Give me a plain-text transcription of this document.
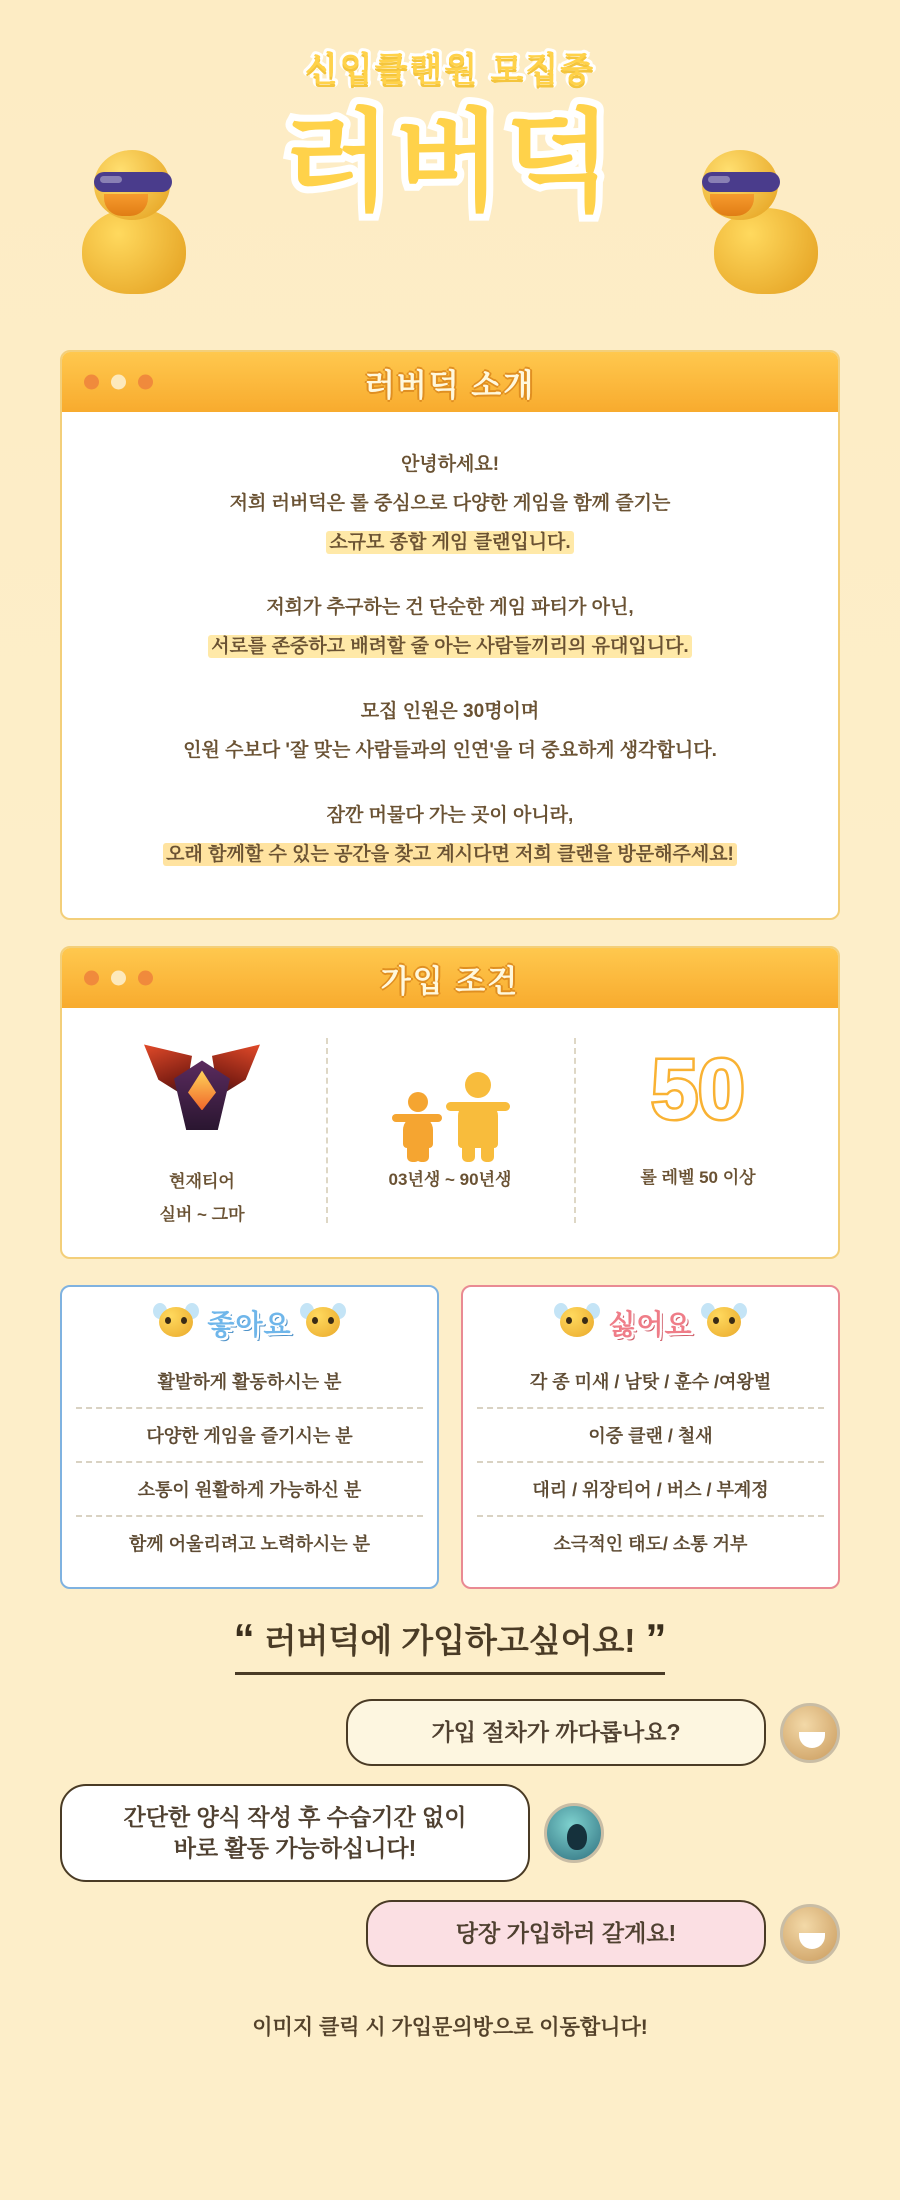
신입클랜원 모집중
러버덕
러버덕 소개

안녕하세요!
저희 러버덕은 롤 중심으로 다양한 게임을 함께 즐기는
소규모 종합 게임 클랜입니다.

저희가 추구하는 건 단순한 게임 파티가 아닌,
서로를 존중하고 배려할 줄 아는 사람들끼리의 유대입니다.

모집 인원은 30명이며
인원 수보다 '잘 맞는 사람들과의 인연'을 더 중요하게 생각합니다.

잠깐 머물다 가는 곳이 아니라,
오래 함께할 수 있는 공간을 찾고 계시다면 저희 클랜을 방문해주세요!

가입 조건
현재티어
실버 ~ 그마
03년생 ~ 90년생
50
롤 레벨 50 이상
좋아요
활발하게 활동하시는 분
다양한 게임을 즐기시는 분
소통이 원활하게 가능하신 분
함께 어울리려고 노력하시는 분
싫어요
각 종 미새 / 남탓 / 훈수 /여왕벌
이중 클랜 / 철새
대리 / 위장티어 / 버스 / 부계정
소극적인 태도/ 소통 거부
“ 러버덕에 가입하고싶어요! ”
가입 절차가 까다롭나요?
간단한 양식 작성 후 수습기간 없이
바로 활동 가능하십니다!
당장 가입하러 갈게요!
이미지 클릭 시 가입문의방으로 이동합니다!
